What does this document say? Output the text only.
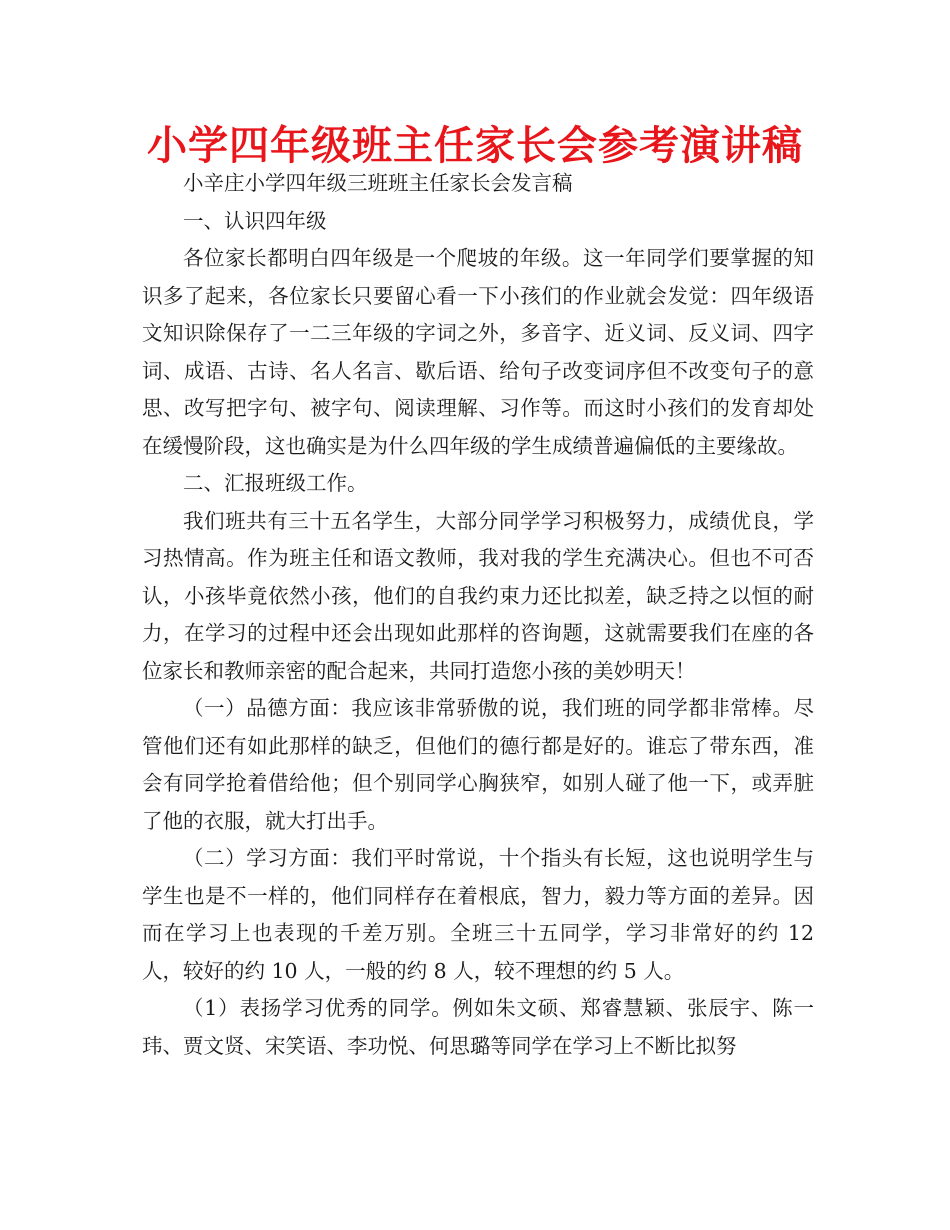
小学四年级班主任家长会参考演讲稿

小辛庄小学四年级三班班主任家长会发言稿

一、认识四年级

各位家长都明白四年级是一个爬坡的年级。这一年同学们要掌握的知识多了起来，各位家长只要留心看一下小孩们的作业就会发觉：四年级语文知识除保存了一二三年级的字词之外，多音字、近义词、反义词、四字词、成语、古诗、名人名言、歇后语、给句子改变词序但不改变句子的意思、改写把字句、被字句、阅读理解、习作等。而这时小孩们的发育却处在缓慢阶段，这也确实是为什么四年级的学生成绩普遍偏低的主要缘故。

二、汇报班级工作。

我们班共有三十五名学生，大部分同学学习积极努力，成绩优良，学习热情高。作为班主任和语文教师，我对我的学生充满决心。但也不可否认，小孩毕竟依然小孩，他们的自我约束力还比拟差，缺乏持之以恒的耐力，在学习的过程中还会出现如此那样的咨询题，这就需要我们在座的各位家长和教师亲密的配合起来，共同打造您小孩的美妙明天！

（一）品德方面：我应该非常骄傲的说，我们班的同学都非常棒。尽管他们还有如此那样的缺乏，但他们的德行都是好的。谁忘了带东西，准会有同学抢着借给他；但个别同学心胸狭窄，如别人碰了他一下，或弄脏了他的衣服，就大打出手。

（二）学习方面：我们平时常说，十个指头有长短，这也说明学生与学生也是不一样的，他们同样存在着根底，智力，毅力等方面的差异。因而在学习上也表现的千差万别。全班三十五同学，学习非常好的约 12 人，较好的约 10 人，一般的约 8 人，较不理想的约 5 人。

（1）表扬学习优秀的同学。例如朱文硕、郑睿慧颖、张辰宇、陈一玮、贾文贤、宋笑语、李功悦、何思璐等同学在学习上不断比拟努
